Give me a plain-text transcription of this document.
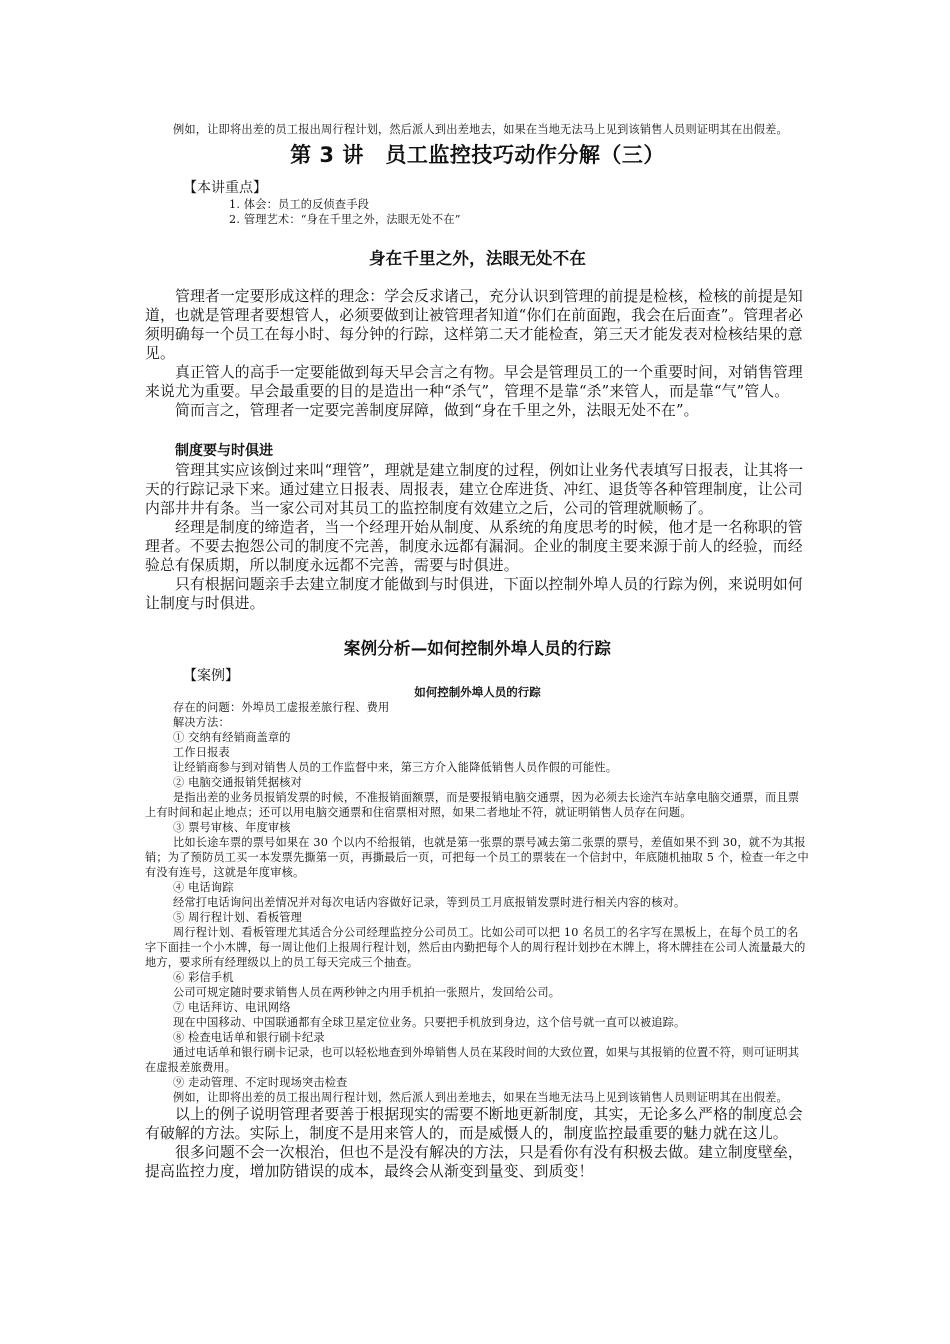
例如，让即将出差的员工报出周行程计划，然后派人到出差地去，如果在当地无法马上见到该销售人员则证明其在出假差。

第 3 讲　员工监控技巧动作分解（三）

【本讲重点】

1. 体会：员工的反侦查手段

2. 管理艺术：“身在千里之外，法眼无处不在”

身在千里之外，法眼无处不在

管理者一定要形成这样的理念：学会反求诸己，充分认识到管理的前提是检核，检核的前提是知道，也就是管理者要想管人，必须要做到让被管理者知道“你们在前面跑，我会在后面查”。管理者必须明确每一个员工在每小时、每分钟的行踪，这样第二天才能检查，第三天才能发表对检核结果的意见。

真正管人的高手一定要能做到每天早会言之有物。早会是管理员工的一个重要时间，对销售管理来说尤为重要。早会最重要的目的是造出一种“杀气”，管理不是靠“杀”来管人，而是靠“气”管人。

简而言之，管理者一定要完善制度屏障，做到“身在千里之外，法眼无处不在”。

制度要与时俱进

管理其实应该倒过来叫“理管”，理就是建立制度的过程，例如让业务代表填写日报表，让其将一天的行踪记录下来。通过建立日报表、周报表，建立仓库进货、冲红、退货等各种管理制度，让公司内部井井有条。当一家公司对其员工的监控制度有效建立之后，公司的管理就顺畅了。

经理是制度的缔造者，当一个经理开始从制度、从系统的角度思考的时候，他才是一名称职的管理者。不要去抱怨公司的制度不完善，制度永远都有漏洞。企业的制度主要来源于前人的经验，而经验总有保质期，所以制度永远都不完善，需要与时俱进。

只有根据问题亲手去建立制度才能做到与时俱进，下面以控制外埠人员的行踪为例，来说明如何让制度与时俱进。

案例分析—如何控制外埠人员的行踪

【案例】

如何控制外埠人员的行踪

存在的问题：外埠员工虚报差旅行程、费用

解决方法：

① 交纳有经销商盖章的

工作日报表

让经销商参与到对销售人员的工作监督中来，第三方介入能降低销售人员作假的可能性。

② 电脑交通报销凭据核对

是指出差的业务员报销发票的时候，不准报销面额票，而是要报销电脑交通票，因为必须去长途汽车站拿电脑交通票，而且票上有时间和起止地点；还可以用电脑交通票和住宿票相对照，如果二者地址不符，就证明销售人员存在问题。

③ 票号审核、年度审核

比如长途车票的票号如果在 30 个以内不给报销，也就是第一张票的票号减去第二张票的票号，差值如果不到 30，就不为其报销；为了预防员工买一本发票先撕第一页，再撕最后一页，可把每一个员工的票装在一个信封中，年底随机抽取 5 个，检查一年之中有没有连号，这就是年度审核。

④ 电话询踪

经常打电话询问出差情况并对每次电话内容做好记录，等到员工月底报销发票时进行相关内容的核对。

⑤ 周行程计划、看板管理

周行程计划、看板管理尤其适合分公司经理监控分公司员工。比如公司可以把 10 名员工的名字写在黑板上，在每个员工的名字下面挂一个小木牌，每一周让他们上报周行程计划，然后由内勤把每个人的周行程计划抄在木牌上，将木牌挂在公司人流量最大的地方，要求所有经理级以上的员工每天完成三个抽查。

⑥ 彩信手机

公司可规定随时要求销售人员在两秒钟之内用手机拍一张照片，发回给公司。

⑦ 电话拜访、电讯网络

现在中国移动、中国联通都有全球卫星定位业务。只要把手机放到身边，这个信号就一直可以被追踪。

⑧ 检查电话单和银行刷卡纪录

通过电话单和银行刷卡记录，也可以轻松地查到外埠销售人员在某段时间的大致位置，如果与其报销的位置不符，则可证明其在虚报差旅费用。

⑨ 走动管理、不定时现场突击检查

例如，让即将出差的员工报出周行程计划，然后派人到出差地去，如果在当地无法马上见到该销售人员则证明其在出假差。

以上的例子说明管理者要善于根据现实的需要不断地更新制度，其实，无论多么严格的制度总会有破解的方法。实际上，制度不是用来管人的，而是威慑人的，制度监控最重要的魅力就在这儿。

很多问题不会一次根治，但也不是没有解决的方法，只是看你有没有积极去做。建立制度壁垒，提高监控力度，增加防错误的成本，最终会从渐变到量变、到质变！
